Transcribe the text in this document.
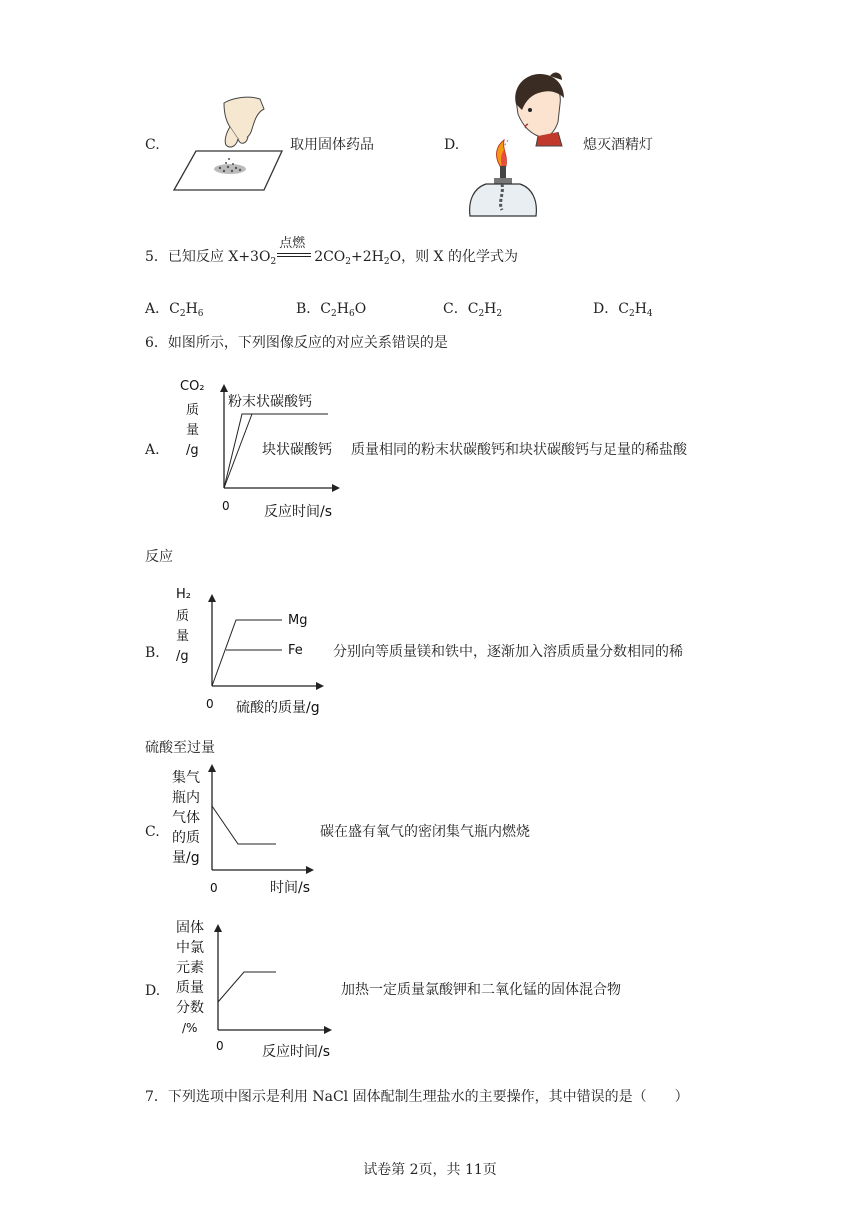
C.	取用固体药品	D.	熄灭酒精灯
5．已知反应 $X+3O_2$
点燃
$2CO_2+2H_2O$，则 X 的化学式为
A．$C_2H_6$	B．$C_2H_6O$	C．$C_2H_2$	D．$C_2H_4$
6．如图所示，下列图像反应的对应关系错误的是
A.
CO₂
质
量
/g
0 反应时间/s
粉末状碳酸钙
块状碳酸钙 质量相同的粉末状碳酸钙和块状碳酸钙与足量的稀盐酸
反应
B.
H₂
质
量
/g
0 硫酸的质量/g
Mg
Fe 分别向等质量镁和铁中，逐渐加入溶质质量分数相同的稀
硫酸至过量
C.
集气
瓶内
气体
的质
量/g
0	时间/s
碳在盛有氧气的密闭集气瓶内燃烧
D.
固体
中氯
元素
质量
分数
/%
0	反应时间/s
加热一定质量氯酸钾和二氧化锰的固体混合物
7．下列选项中图示是利用 NaCl 固体配制生理盐水的主要操作，其中错误的是（　　）
试卷第 2页，共 11页
